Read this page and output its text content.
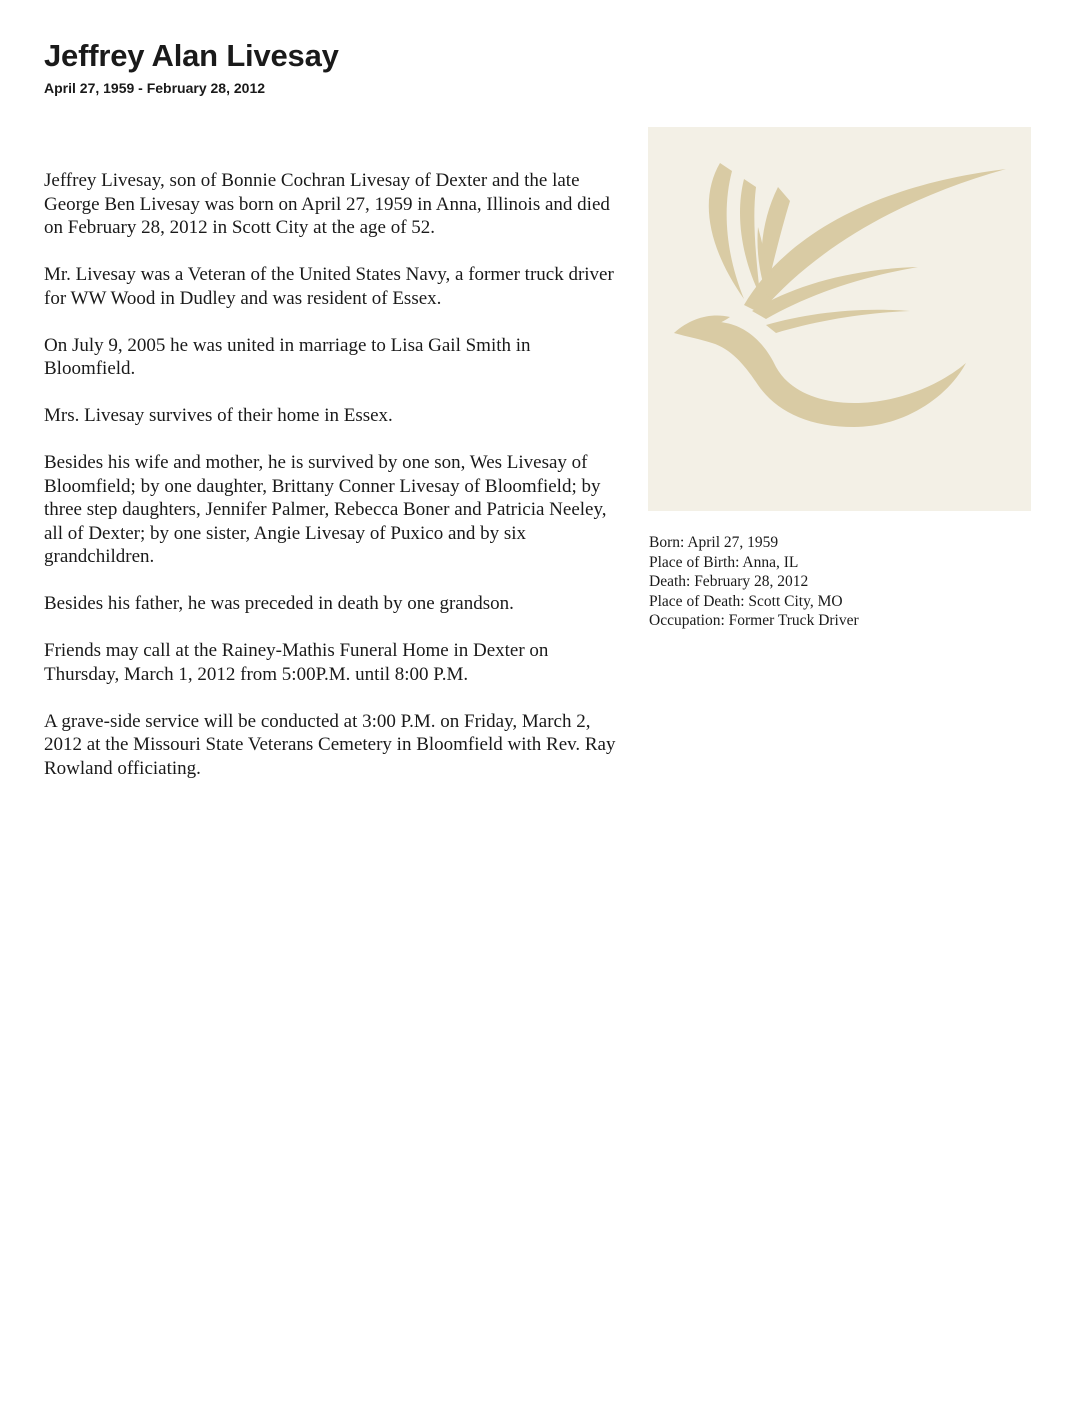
Jeffrey Alan Livesay
April 27, 1959 - February 28, 2012

Jeffrey Livesay, son of Bonnie Cochran Livesay of Dexter and the late George Ben Livesay was born on April 27, 1959 in Anna, Illinois and died on February 28, 2012 in Scott City at the age of 52.

Mr. Livesay was a Veteran of the United States Navy, a former truck driver for WW Wood in Dudley and was resident of Essex.

On July 9, 2005 he was united in marriage to Lisa Gail Smith in Bloomfield.

Mrs. Livesay survives of their home in Essex.

Besides his wife and mother, he is survived by one son, Wes Livesay of Bloomfield; by one daughter, Brittany Conner Livesay of Bloomfield; by three step daughters, Jennifer Palmer, Rebecca Boner and Patricia Neeley, all of Dexter; by one sister, Angie Livesay of Puxico and by six grandchildren.

Besides his father, he was preceded in death by one grandson.

Friends may call at the Rainey-Mathis Funeral Home in Dexter on Thursday, March 1, 2012 from 5:00P.M. until 8:00 P.M.

A grave-side service will be conducted at 3:00 P.M. on Friday, March 2, 2012 at the Missouri State Veterans Cemetery in Bloomfield with Rev. Ray Rowland officiating.

Born: April 27, 1959
Place of Birth: Anna, IL
Death: February 28, 2012
Place of Death: Scott City, MO
Occupation: Former Truck Driver
